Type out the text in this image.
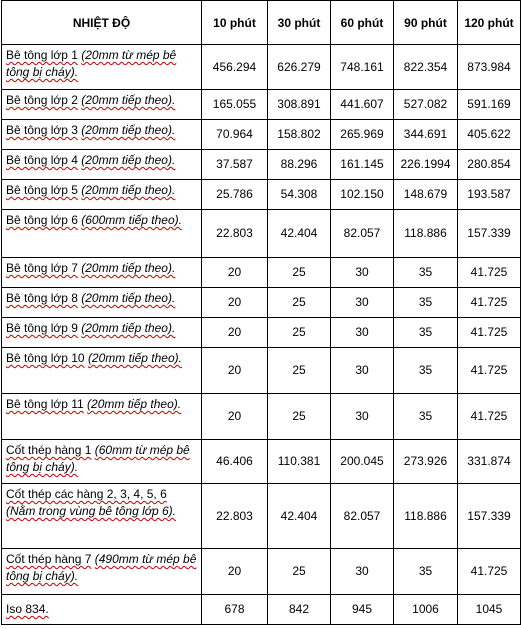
NHIỆT ĐỘ	10 phút	30 phút	60 phút	90 phút	120 phút
Bê tông lớp 1 (20mm từ mép bê tông bị cháy).	456.294	626.279	748.161	822.354	873.984
Bê tông lớp 2 (20mm tiếp theo).	165.055	308.891	441.607	527.082	591.169
Bê tông lớp 3 (20mm tiếp theo).	70.964	158.802	265.969	344.691	405.622
Bê tông lớp 4 (20mm tiếp theo).	37.587	88.296	161.145	226.1994	280.854
Bê tông lớp 5 (20mm tiếp theo).	25.786	54.308	102.150	148.679	193.587
Bê tông lớp 6 (600mm tiếp theo).	22.803	42.404	82.057	118.886	157.339
Bê tông lớp 7 (20mm tiếp theo).	20	25	30	35	41.725
Bê tông lớp 8 (20mm tiếp theo).	20	25	30	35	41.725
Bê tông lớp 9 (20mm tiếp theo).	20	25	30	35	41.725
Bê tông lớp 10 (20mm tiếp theo).	20	25	30	35	41.725
Bê tông lớp 11 (20mm tiếp theo).	20	25	30	35	41.725
Cốt thép hàng 1 (60mm từ mép bê tông bị cháy).	46.406	110.381	200.045	273.926	331.874
Cốt thép các hàng 2, 3, 4, 5, 6 (Nằm trong vùng bê tông lớp 6).	22.803	42.404	82.057	118.886	157.339
Cốt thép hàng 7 (490mm từ mép bê tông bị cháy).	20	25	30	35	41.725
Iso 834.	678	842	945	1006	1045
